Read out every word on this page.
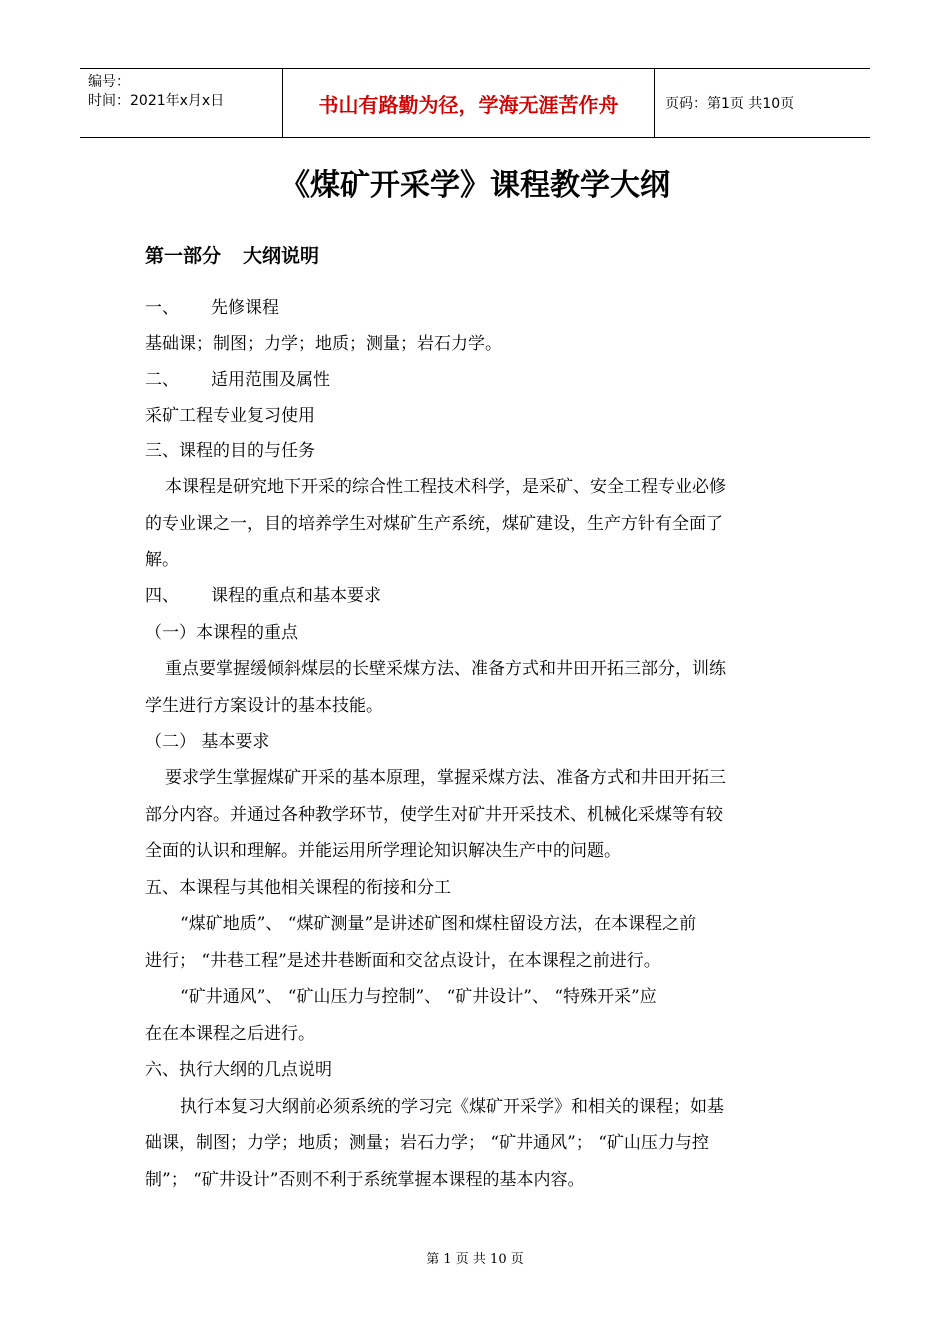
编号：
时间：2021年x月x日	书山有路勤为径，学海无涯苦作舟	页码：第1页 共10页
《煤矿开采学》课程教学大纲
第一部分 大纲说明
一、 先修课程
基础课；制图；力学；地质；测量；岩石力学。
二、 适用范围及属性
采矿工程专业复习使用
三、课程的目的与任务
本课程是研究地下开采的综合性工程技术科学，是采矿、安全工程专业必修
的专业课之一，目的培养学生对煤矿生产系统，煤矿建设，生产方针有全面了
解。
四、 课程的重点和基本要求
（一）本课程的重点
重点要掌握缓倾斜煤层的长壁采煤方法、准备方式和井田开拓三部分，训练
学生进行方案设计的基本技能。
（二） 基本要求
要求学生掌握煤矿开采的基本原理，掌握采煤方法、准备方式和井田开拓三
部分内容。并通过各种教学环节，使学生对矿井开采技术、机械化采煤等有较
全面的认识和理解。并能运用所学理论知识解决生产中的问题。
五、本课程与其他相关课程的衔接和分工
“煤矿地质”、 “煤矿测量”是讲述矿图和煤柱留设方法，在本课程之前
进行； “井巷工程”是述井巷断面和交岔点设计，在本课程之前进行。
“矿井通风”、 “矿山压力与控制”、 “矿井设计”、 “特殊开采”应
在在本课程之后进行。
六、执行大纲的几点说明
执行本复习大纲前必须系统的学习完《煤矿开采学》和相关的课程；如基
础课，制图；力学；地质；测量；岩石力学； “矿井通风”； “矿山压力与控
制”； “矿井设计”否则不利于系统掌握本课程的基本内容。
第 1 页 共 10 页
